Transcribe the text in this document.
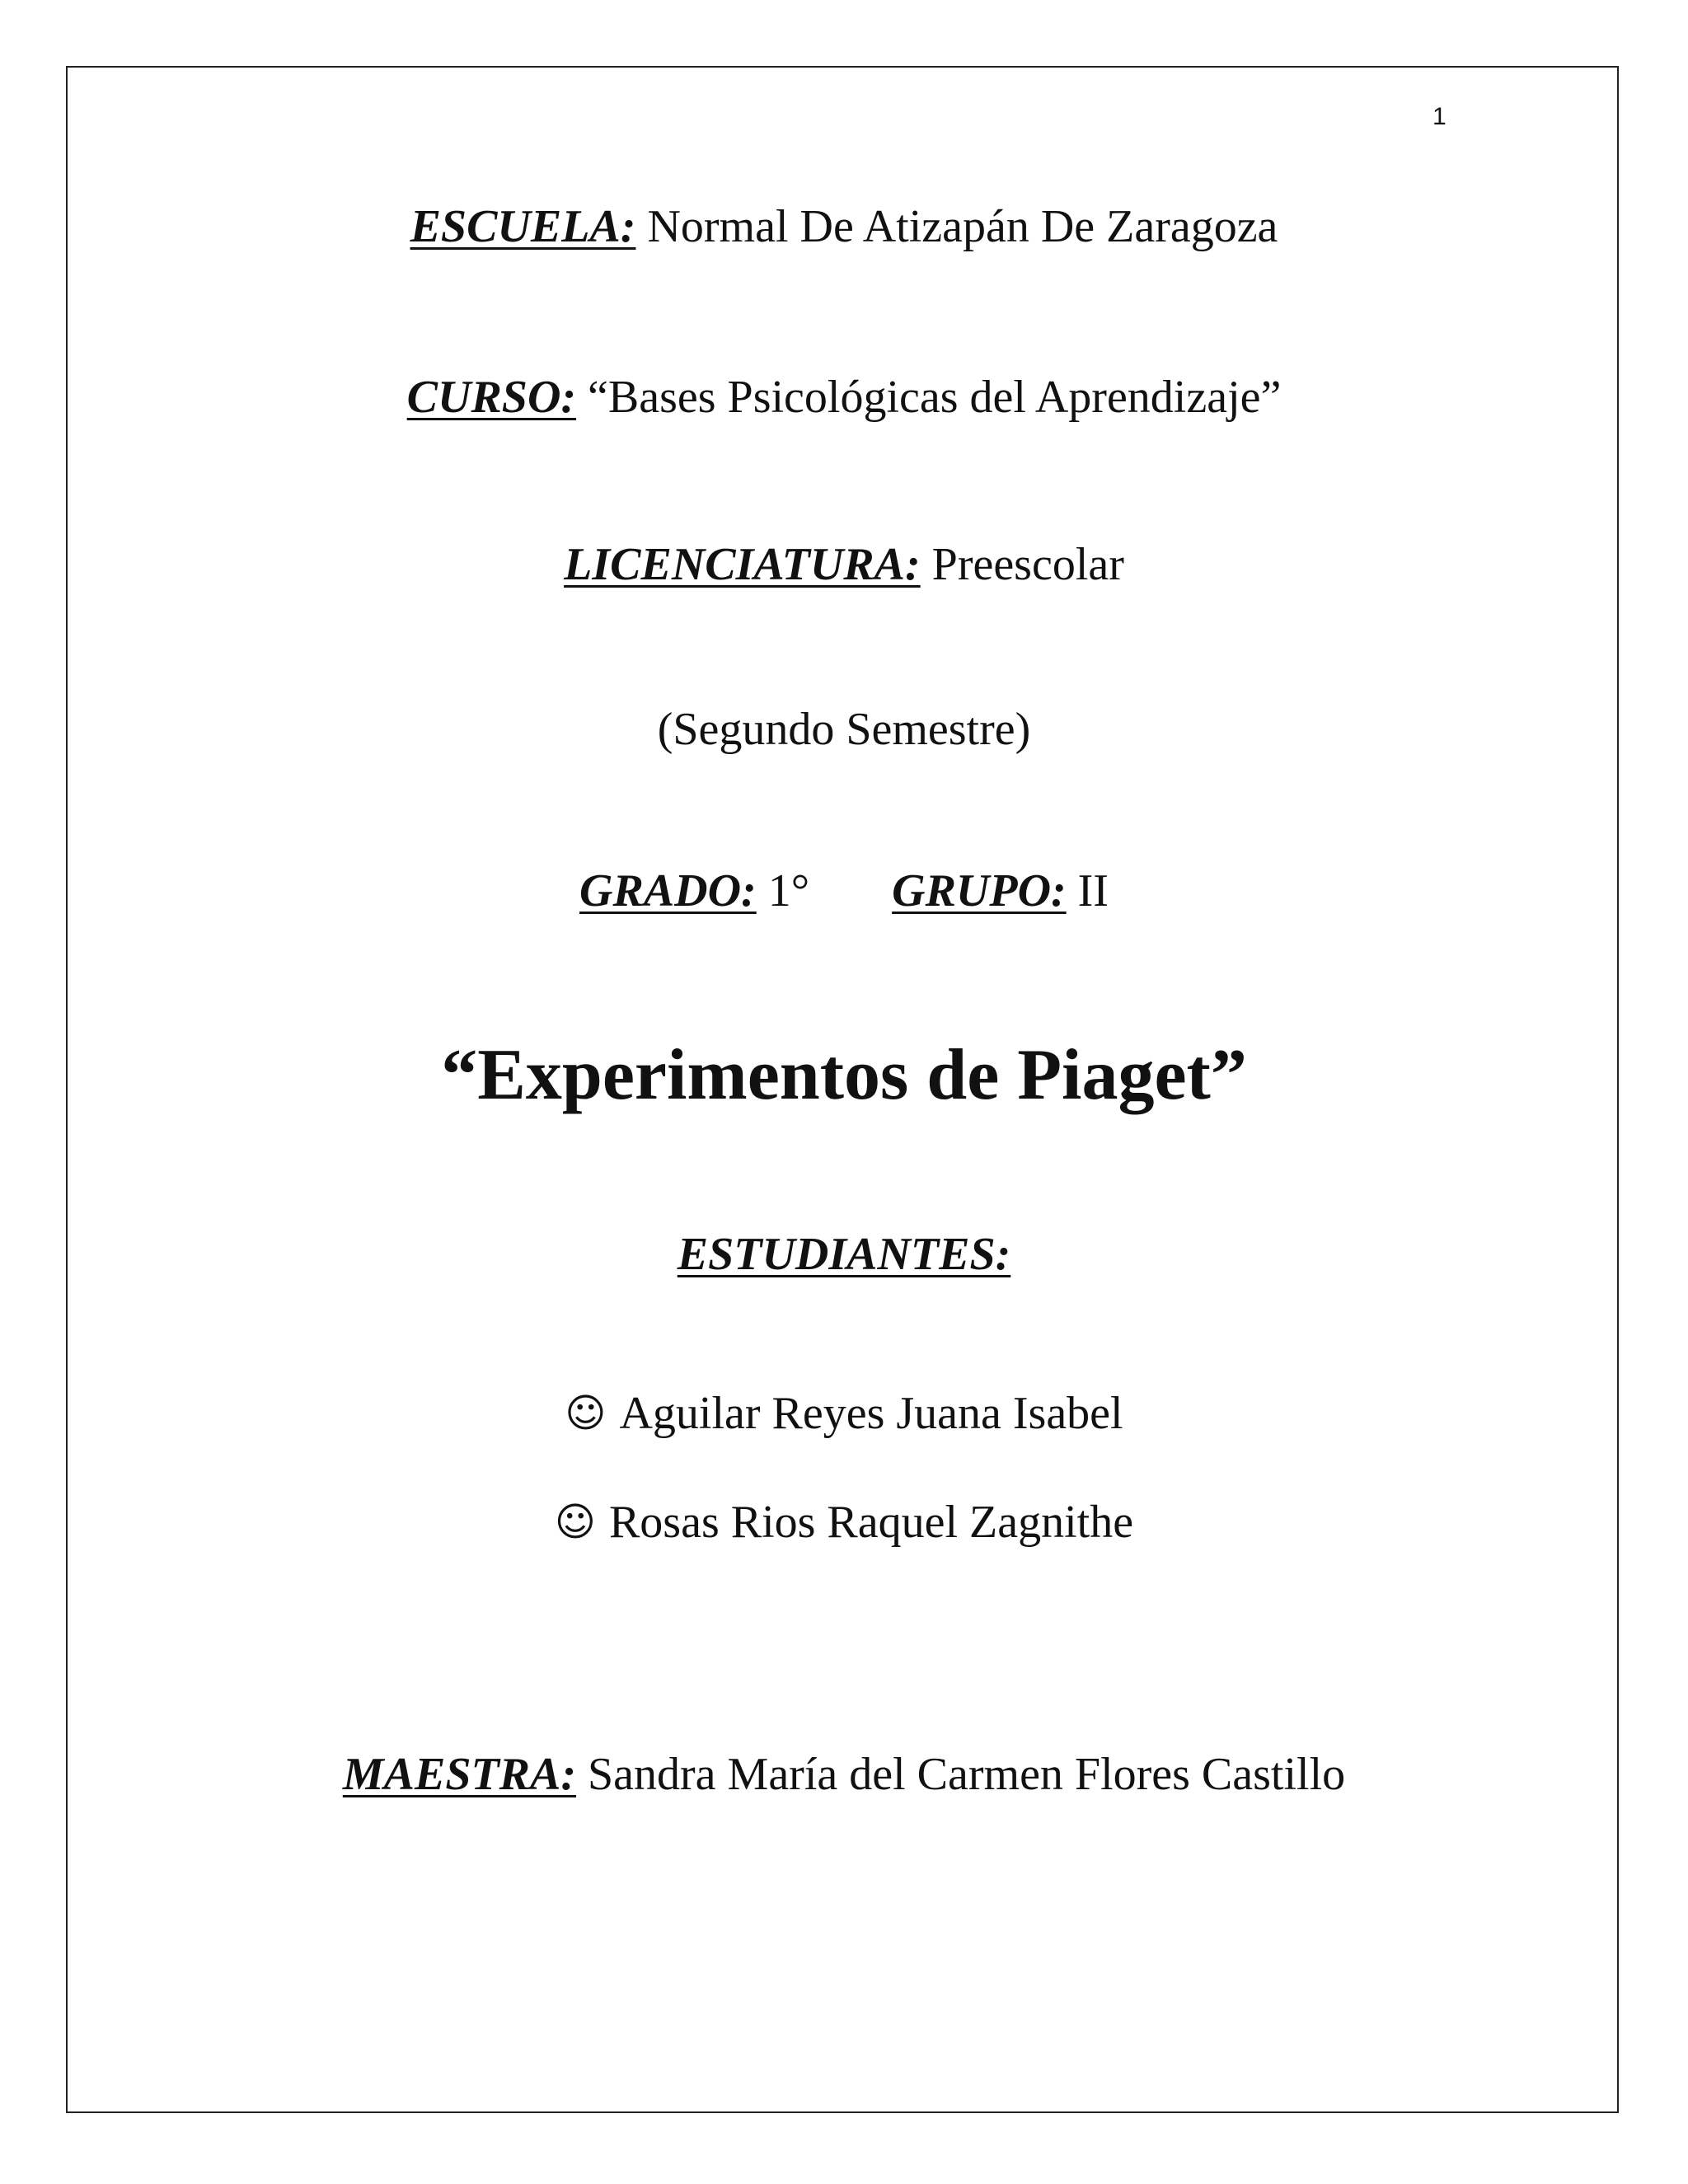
1
ESCUELA: Normal De Atizapán De Zaragoza
CURSO: “Bases Psicológicas del Aprendizaje”
LICENCIATURA: Preescolar
(Segundo Semestre)
GRADO: 1° GRUPO: II
“Experimentos de Piaget”
ESTUDIANTES:
☺ Aguilar Reyes Juana Isabel
☺ Rosas Rios Raquel Zagnithe
MAESTRA: Sandra María del Carmen Flores Castillo
